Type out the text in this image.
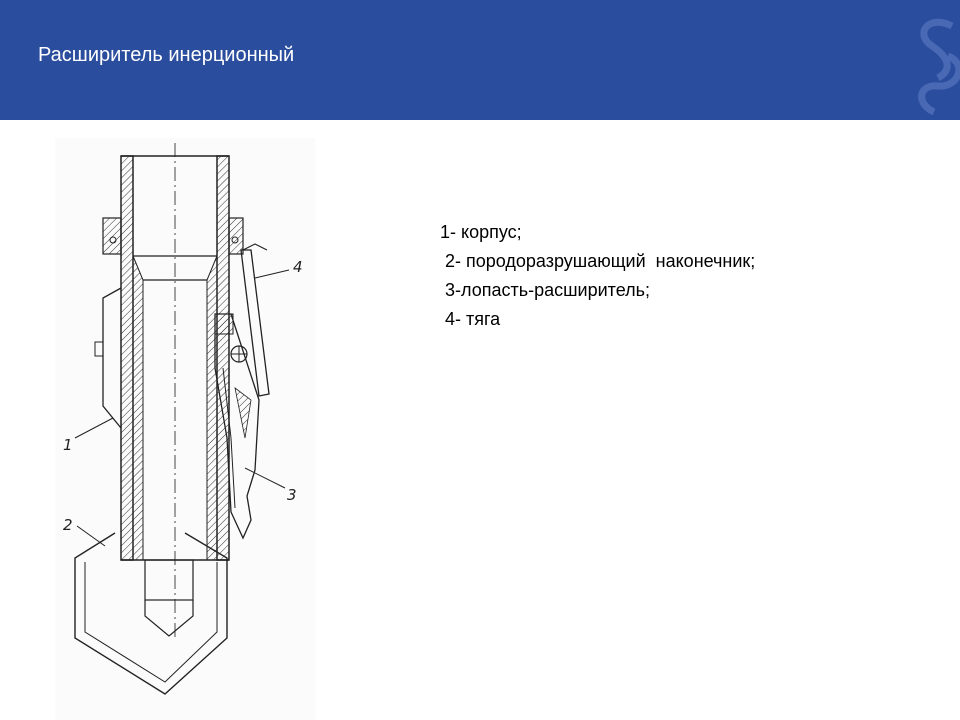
Расширитель инерционный
1
2
3
4
1- корпус;
2- породоразрушающий  наконечник;
3-лопасть-расширитель;
4- тяга
